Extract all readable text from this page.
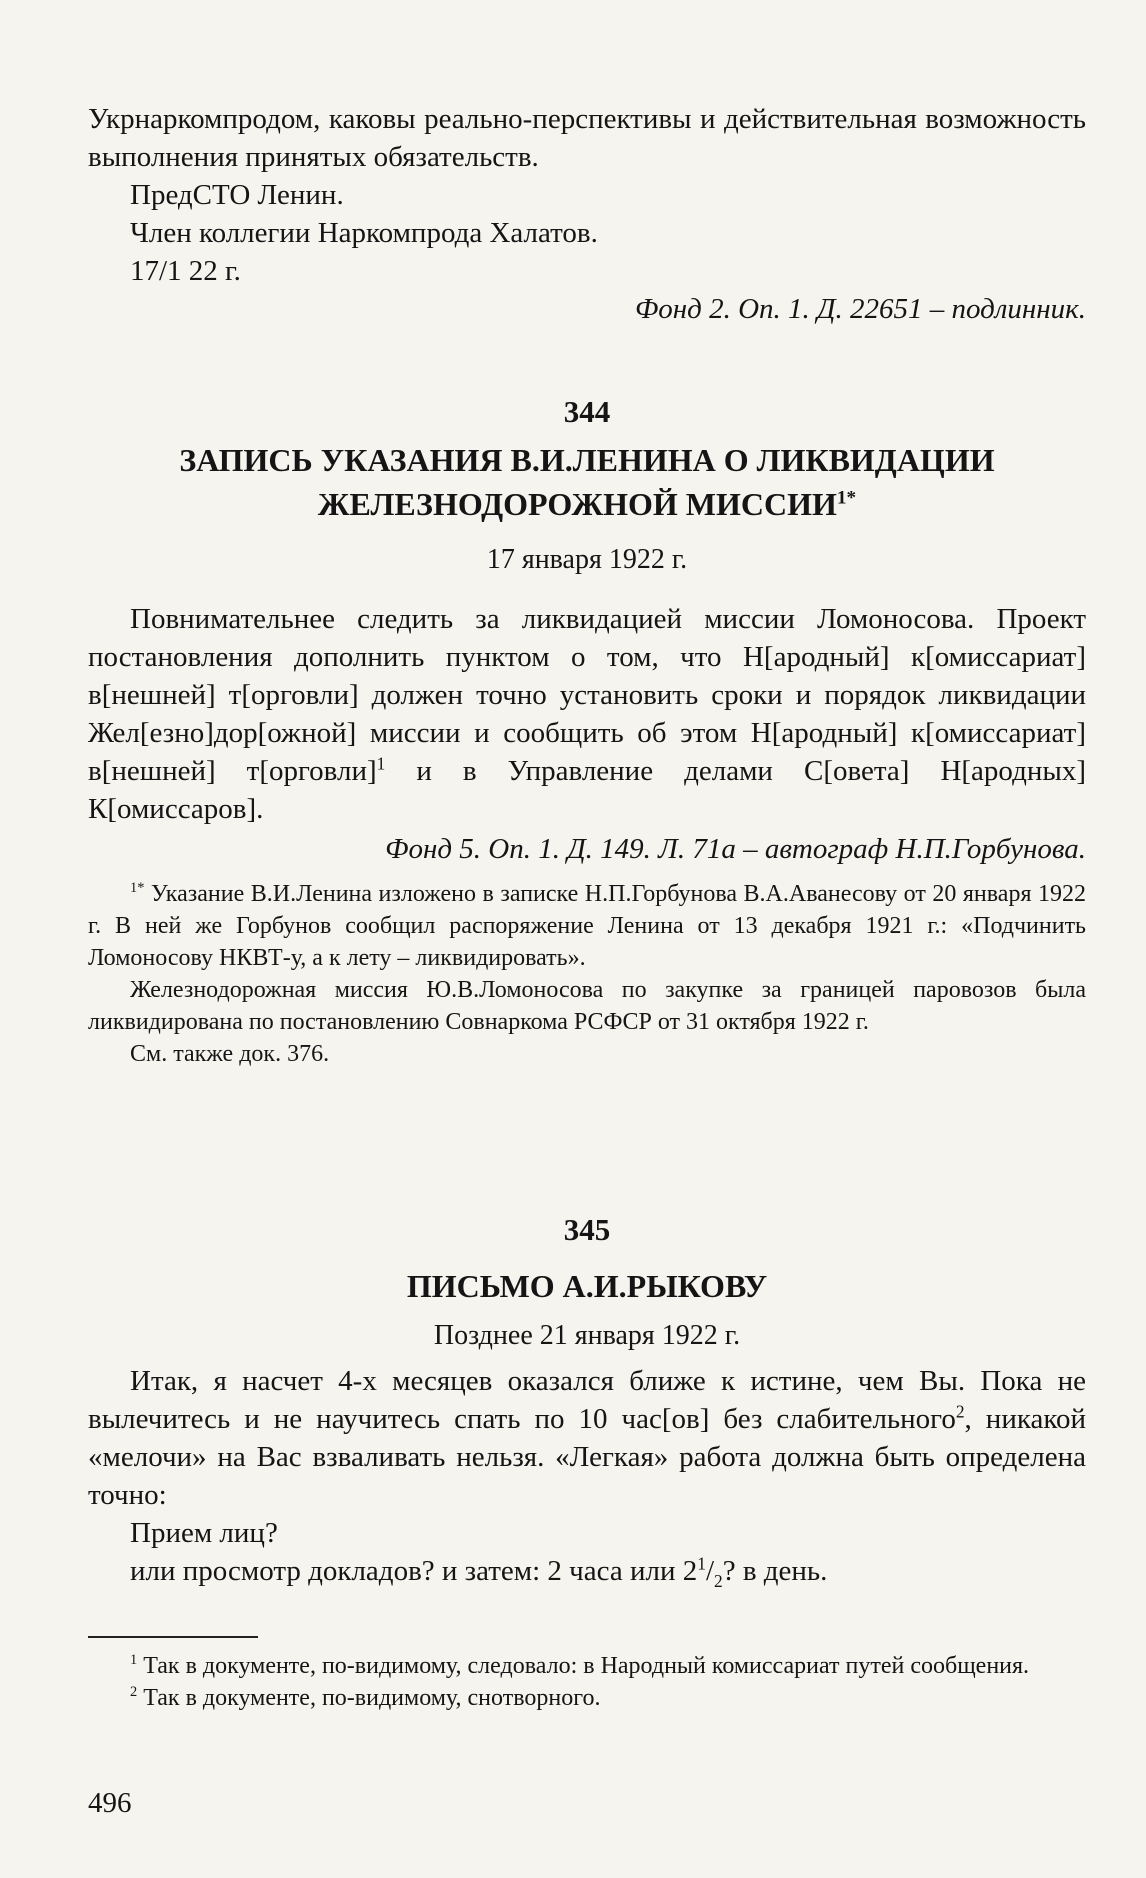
Укрнаркомпродом, каковы реально-перспективы и действительная возможность выполнения принятых обязательств.

ПредСТО Ленин.

Член коллегии Наркомпрода Халатов.

17/1 22 г.

Фонд 2. Оп. 1. Д. 22651 – подлинник.

344

ЗАПИСЬ УКАЗАНИЯ В.И.ЛЕНИНА О ЛИКВИДАЦИИ

ЖЕЛЕЗНОДОРОЖНОЙ $МИССИИ^{1*}$

17 января 1922 г.

Повнимательнее следить за ликвидацией миссии Ломоносова. Проект постановления дополнить пунктом о том, что Н[ародный] к[омиссариат] в[нешней] т[орговли] должен точно установить сроки и порядок ликвидации Жел[езно]дор[ожной] миссии и сообщить об этом Н[ародный] к[омиссариат] в[нешней] т[орговли]$^1$ и в Управление делами С[овета] Н[ародных] К[омиссаров].

Фонд 5. Оп. 1. Д. 149. Л. 71а – автограф Н.П.Горбунова.

$^{1*}$ Указание В.И.Ленина изложено в записке Н.П.Горбунова В.А.Аванесову от 20 января 1922 г. В ней же Горбунов сообщил распоряжение Ленина от 13 декабря 1921 г.: «Подчинить Ломоносову НКВТ-у, а к лету – ликвидировать».

Железнодорожная миссия Ю.В.Ломоносова по закупке за границей паровозов была ликвидирована по постановлению Совнаркома РСФСР от 31 октября 1922 г.

См. также док. 376.

345

ПИСЬМО А.И.РЫКОВУ

Позднее 21 января 1922 г.

Итак, я насчет 4-х месяцев оказался ближе к истине, чем Вы. Пока не вылечитесь и не научитесь спать по 10 час[ов] без слабительного$^2$, никакой «мелочи» на Вас взваливать нельзя. «Легкая» работа должна быть определена точно:

Прием лиц?

или просмотр докладов? и затем: 2 часа или $2^1/_2$? в день.

$^1$ Так в документе, по-видимому, следовало: в Народный комиссариат путей сообщения.

$^2$ Так в документе, по-видимому, снотворного.

496
